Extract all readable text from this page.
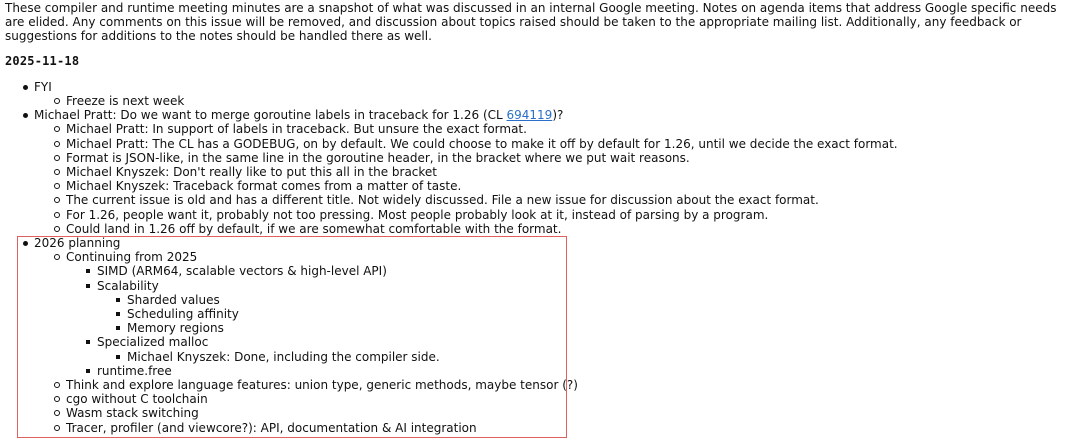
These compiler and runtime meeting minutes are a snapshot of what was discussed in an internal Google meeting. Notes on agenda items that address Google specific needs are elided. Any comments on this issue will be removed, and discussion about topics raised should be taken to the appropriate mailing list. Additionally, any feedback or suggestions for additions to the notes should be handled there as well.

2025-11-18
FYI
Freeze is next week
Michael Pratt: Do we want to merge goroutine labels in traceback for 1.26 (CL 694119)?
Michael Pratt: In support of labels in traceback. But unsure the exact format.
Michael Pratt: The CL has a GODEBUG, on by default. We could choose to make it off by default for 1.26, until we decide the exact format.
Format is JSON-like, in the same line in the goroutine header, in the bracket where we put wait reasons.
Michael Knyszek: Don't really like to put this all in the bracket
Michael Knyszek: Traceback format comes from a matter of taste.
The current issue is old and has a different title. Not widely discussed. File a new issue for discussion about the exact format.
For 1.26, people want it, probably not too pressing. Most people probably look at it, instead of parsing by a program.
Could land in 1.26 off by default, if we are somewhat comfortable with the format.
2026 planning
Continuing from 2025
SIMD (ARM64, scalable vectors & high-level API)
Scalability
Sharded values
Scheduling affinity
Memory regions
Specialized malloc
Michael Knyszek: Done, including the compiler side.
runtime.free
Think and explore language features: union type, generic methods, maybe tensor (?)
cgo without C toolchain
Wasm stack switching
Tracer, profiler (and viewcore?): API, documentation & AI integration
